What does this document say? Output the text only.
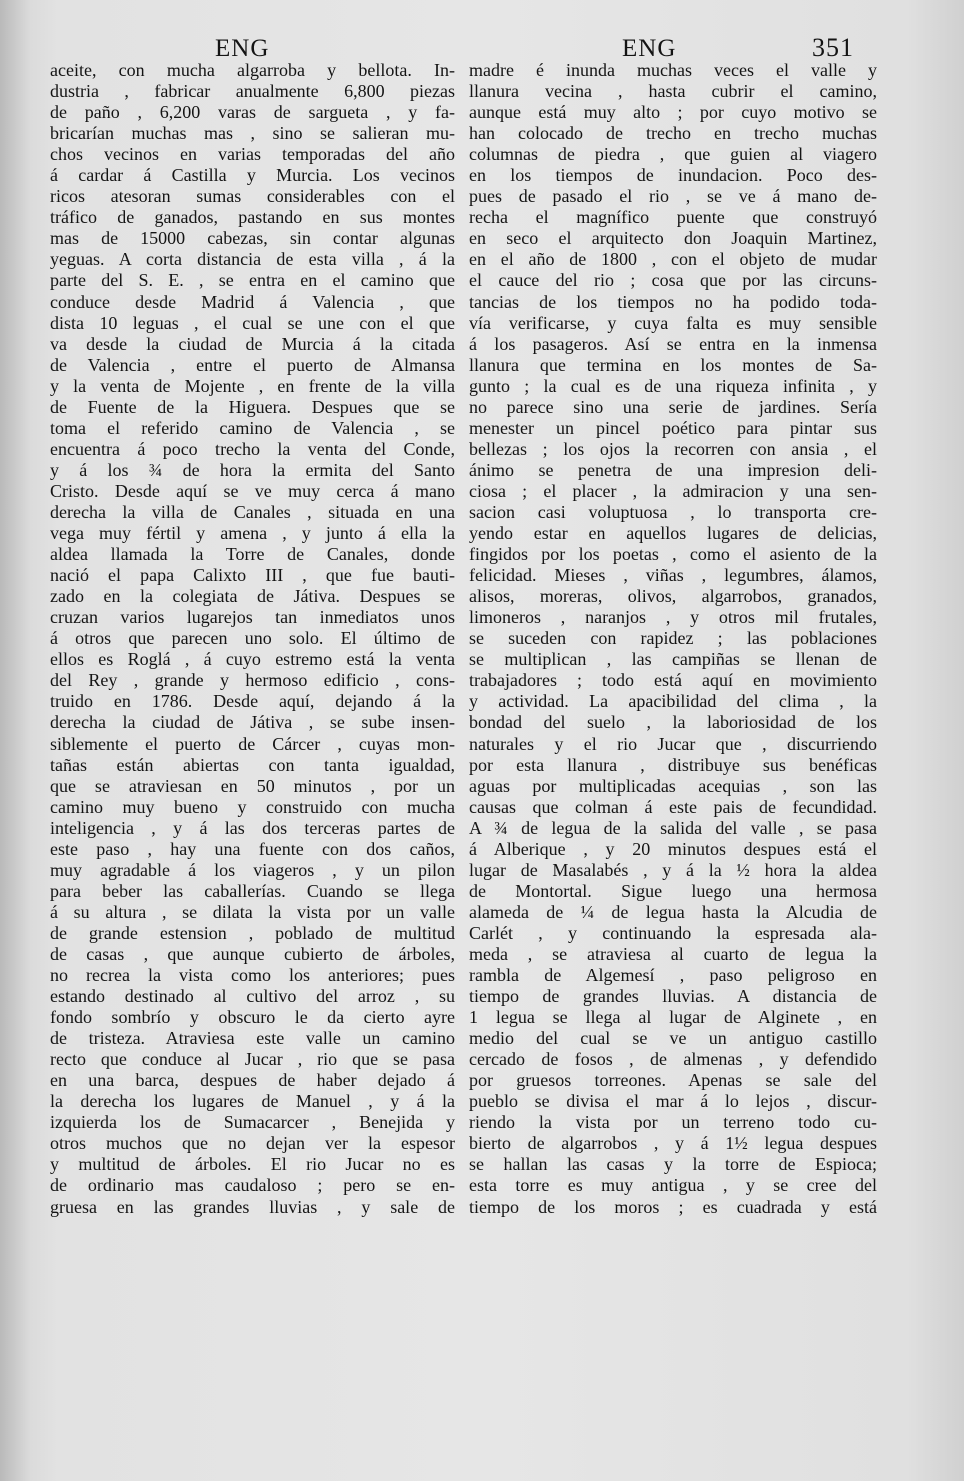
ENG	ENG	351
aceite, con mucha algarroba y bellota. In-
dustria , fabricar anualmente 6,800 piezas
de paño , 6,200 varas de sargueta , y fa-
bricarían muchas mas , sino se salieran mu-
chos vecinos en varias temporadas del año
á cardar á Castilla y Murcia. Los vecinos
ricos atesoran sumas considerables con el
tráfico de ganados, pastando en sus montes
mas de 15000 cabezas, sin contar algunas
yeguas. A corta distancia de esta villa , á la
parte del S. E. , se entra en el camino que
conduce desde Madrid á Valencia , que
dista 10 leguas , el cual se une con el que
va desde la ciudad de Murcia á la citada
de Valencia , entre el puerto de Almansa
y la venta de Mojente , en frente de la villa
de Fuente de la Higuera. Despues que se
toma el referido camino de Valencia , se
encuentra á poco trecho la venta del Conde,
y á los ¾ de hora la ermita del Santo
Cristo. Desde aquí se ve muy cerca á mano
derecha la villa de Canales , situada en una
vega muy fértil y amena , y junto á ella la
aldea llamada la Torre de Canales, donde
nació el papa Calixto III , que fue bauti-
zado en la colegiata de Játiva. Despues se
cruzan varios lugarejos tan inmediatos unos
á otros que parecen uno solo. El último de
ellos es Roglá , á cuyo estremo está la venta
del Rey , grande y hermoso edificio , cons-
truido en 1786. Desde aquí, dejando á la
derecha la ciudad de Játiva , se sube insen-
siblemente el puerto de Cárcer , cuyas mon-
tañas están abiertas con tanta igualdad,
que se atraviesan en 50 minutos , por un
camino muy bueno y construido con mucha
inteligencia , y á las dos terceras partes de
este paso , hay una fuente con dos caños,
muy agradable á los viageros , y un pilon
para beber las caballerías. Cuando se llega
á su altura , se dilata la vista por un valle
de grande estension , poblado de multitud
de casas , que aunque cubierto de árboles,
no recrea la vista como los anteriores; pues
estando destinado al cultivo del arroz , su
fondo sombrío y obscuro le da cierto ayre
de tristeza. Atraviesa este valle un camino
recto que conduce al Jucar , rio que se pasa
en una barca, despues de haber dejado á
la derecha los lugares de Manuel , y á la
izquierda los de Sumacarcer , Benejida y
otros muchos que no dejan ver la espesor
y multitud de árboles. El rio Jucar no es
de ordinario mas caudaloso ; pero se en-
gruesa en las grandes lluvias , y sale de
madre é inunda muchas veces el valle y
llanura vecina , hasta cubrir el camino,
aunque está muy alto ; por cuyo motivo se
han colocado de trecho en trecho muchas
columnas de piedra , que guien al viagero
en los tiempos de inundacion. Poco des-
pues de pasado el rio , se ve á mano de-
recha el magnífico puente que construyó
en seco el arquitecto don Joaquin Martinez,
en el año de 1800 , con el objeto de mudar
el cauce del rio ; cosa que por las circuns-
tancias de los tiempos no ha podido toda-
vía verificarse, y cuya falta es muy sensible
á los pasageros. Así se entra en la inmensa
llanura que termina en los montes de Sa-
gunto ; la cual es de una riqueza infinita , y
no parece sino una serie de jardines. Sería
menester un pincel poético para pintar sus
bellezas ; los ojos la recorren con ansia , el
ánimo se penetra de una impresion deli-
ciosa ; el placer , la admiracion y una sen-
sacion casi voluptuosa , lo transporta cre-
yendo estar en aquellos lugares de delicias,
fingidos por los poetas , como el asiento de la
felicidad. Mieses , viñas , legumbres, álamos,
alisos, moreras, olivos, algarrobos, granados,
limoneros , naranjos , y otros mil frutales,
se suceden con rapidez ; las poblaciones
se multiplican , las campiñas se llenan de
trabajadores ; todo está aquí en movimiento
y actividad. La apacibilidad del clima , la
bondad del suelo , la laboriosidad de los
naturales y el rio Jucar que , discurriendo
por esta llanura , distribuye sus benéficas
aguas por multiplicadas acequias , son las
causas que colman á este pais de fecundidad.
A ¾ de legua de la salida del valle , se pasa
á Alberique , y 20 minutos despues está el
lugar de Masalabés , y á la ½ hora la aldea
de Montortal. Sigue luego una hermosa
alameda de ¼ de legua hasta la Alcudia de
Carlét , y continuando la espresada ala-
meda , se atraviesa al cuarto de legua la
rambla de Algemesí , paso peligroso en
tiempo de grandes lluvias. A distancia de
1 legua se llega al lugar de Alginete , en
medio del cual se ve un antiguo castillo
cercado de fosos , de almenas , y defendido
por gruesos torreones. Apenas se sale del
pueblo se divisa el mar á lo lejos , discur-
riendo la vista por un terreno todo cu-
bierto de algarrobos , y á 1½ legua despues
se hallan las casas y la torre de Espioca;
esta torre es muy antigua , y se cree del
tiempo de los moros ; es cuadrada y está
